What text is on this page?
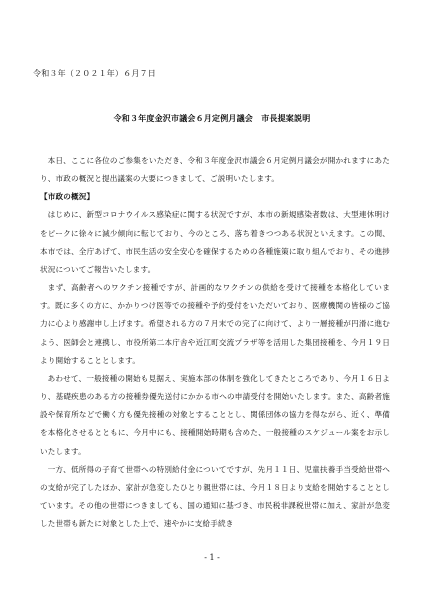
令和３年（２０２１年）６月７日
令和３年度金沢市議会６月定例月議会　市長提案説明

本日、ここに各位のご参集をいただき、令和３年度金沢市議会６月定例月議会が開かれますにあたり、市政の概況と提出議案の大要につきまして、ご説明いたします。

【市政の概況】

はじめに、新型コロナウイルス感染症に関する状況ですが、本市の新規感染者数は、大型連休明けをピークに徐々に減少傾向に転じており、今のところ、落ち着きつつある状況といえます。この間、本市では、全庁あげて、市民生活の安全安心を確保するための各種施策に取り組んでおり、その進捗状況についてご報告いたします。

まず、高齢者へのワクチン接種ですが、計画的なワクチンの供給を受けて接種を本格化しています。既に多くの方に、かかりつけ医等での接種や予約受付をいただいており、医療機関の皆様のご協力に心より感謝申し上げます。希望される方の７月末での完了に向けて、より一層接種が円滑に進むよう、医師会と連携し、市役所第二本庁舎や近江町交流プラザ等を活用した集団接種を、今月１９日より開始することとします。

あわせて、一般接種の開始も見据え、実施本部の体制を強化してきたところであり、今月１６日より、基礎疾患のある方の接種券優先送付にかかる市への申請受付を開始いたします。また、高齢者施設や保育所などで働く方も優先接種の対象とすることとし、関係団体の協力を得ながら、近く、準備を本格化させるとともに、今月中にも、接種開始時期も含めた、一般接種のスケジュール案をお示しいたします。

一方、低所得の子育て世帯への特別給付金についてですが、先月１１日、児童扶養手当受給世帯への支給が完了したほか、家計が急変したひとり親世帯には、今月１８日より支給を開始することとしています。その他の世帯につきましても、国の通知に基づき、市民税非課税世帯に加え、家計が急変した世帯も新たに対象とした上で、速やかに支給手続き

- 1 -
